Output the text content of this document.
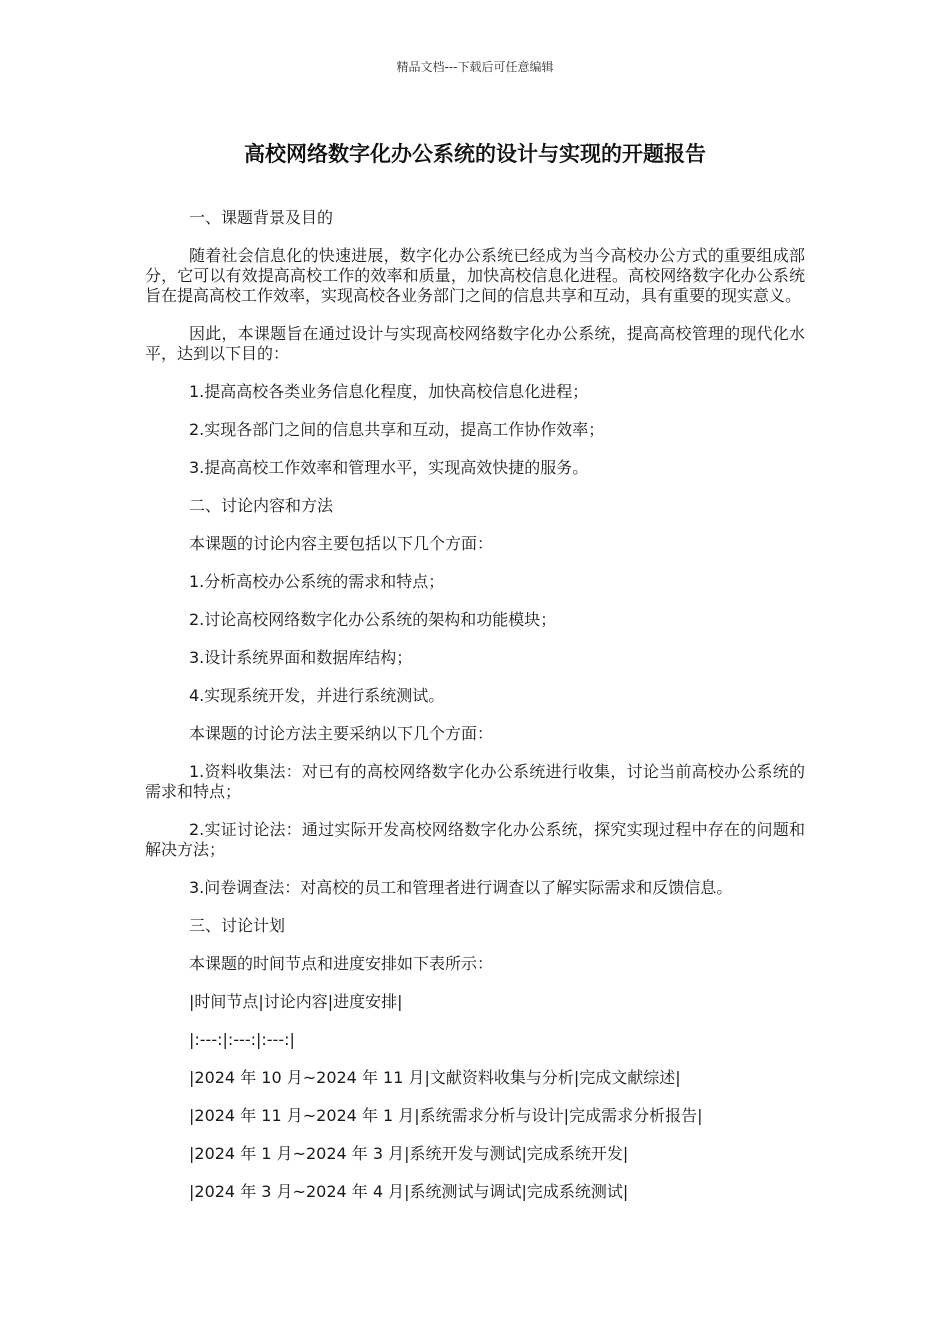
精品文档---下载后可任意编辑
高校网络数字化办公系统的设计与实现的开题报告

一、课题背景及目的

随着社会信息化的快速进展，数字化办公系统已经成为当今高校办公方式的重要组成部分，它可以有效提高高校工作的效率和质量，加快高校信息化进程。高校网络数字化办公系统旨在提高高校工作效率，实现高校各业务部门之间的信息共享和互动，具有重要的现实意义。

因此，本课题旨在通过设计与实现高校网络数字化办公系统，提高高校管理的现代化水平，达到以下目的：

1.提高高校各类业务信息化程度，加快高校信息化进程；

2.实现各部门之间的信息共享和互动，提高工作协作效率；

3.提高高校工作效率和管理水平，实现高效快捷的服务。

二、讨论内容和方法

本课题的讨论内容主要包括以下几个方面：

1.分析高校办公系统的需求和特点；

2.讨论高校网络数字化办公系统的架构和功能模块；

3.设计系统界面和数据库结构；

4.实现系统开发，并进行系统测试。

本课题的讨论方法主要采纳以下几个方面：

1.资料收集法：对已有的高校网络数字化办公系统进行收集，讨论当前高校办公系统的需求和特点；

2.实证讨论法：通过实际开发高校网络数字化办公系统，探究实现过程中存在的问题和解决方法；

3.问卷调查法：对高校的员工和管理者进行调查以了解实际需求和反馈信息。

三、讨论计划

本课题的时间节点和进度安排如下表所示：

|时间节点|讨论内容|进度安排|

|:---:|:---:|:---:|

|2024 年 10 月~2024 年 11 月|文献资料收集与分析|完成文献综述|

|2024 年 11 月~2024 年 1 月|系统需求分析与设计|完成需求分析报告|

|2024 年 1 月~2024 年 3 月|系统开发与测试|完成系统开发|

|2024 年 3 月~2024 年 4 月|系统测试与调试|完成系统测试|
